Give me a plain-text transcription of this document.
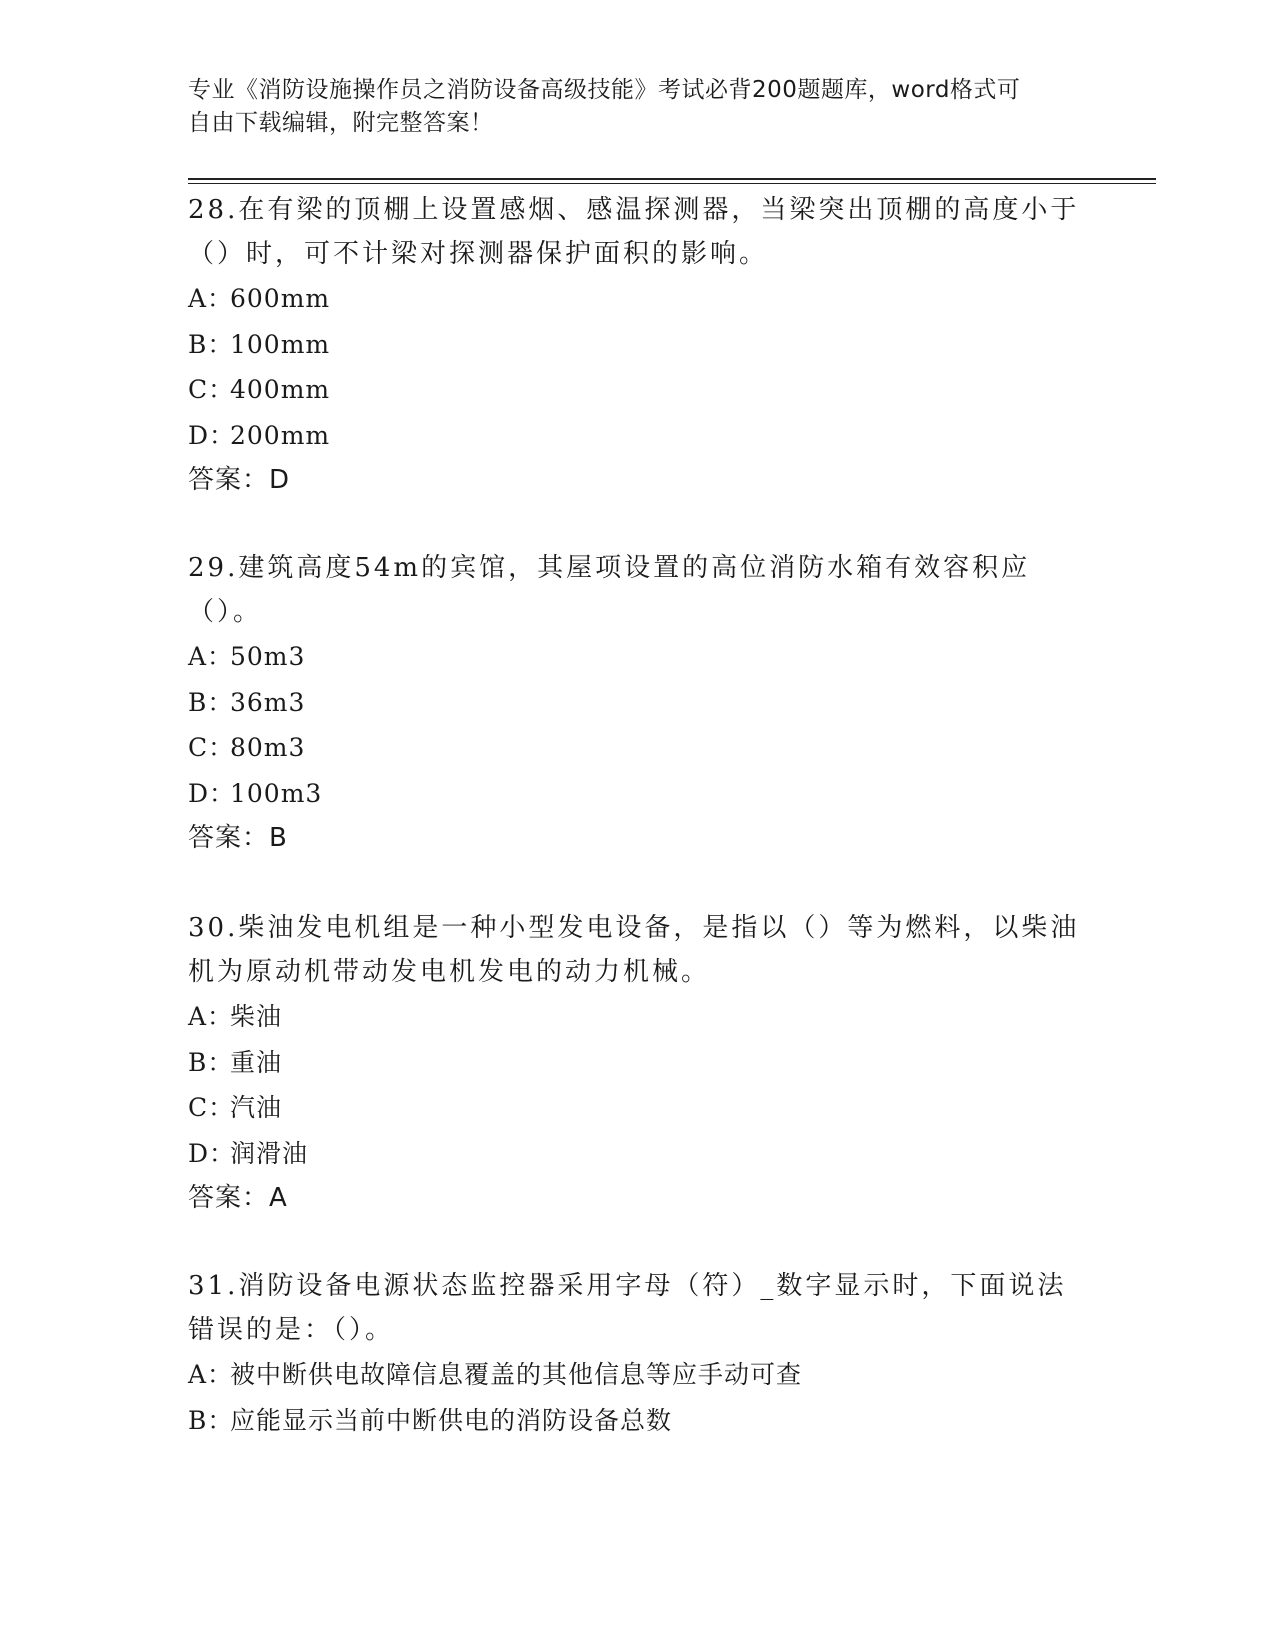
专业《消防设施操作员之消防设备高级技能》考试必背200题题库，word格式可
自由下载编辑，附完整答案！

28.在有梁的顶棚上设置感烟、感温探测器，当梁突出顶棚的高度小于（）时，可不计梁对探测器保护面积的影响。

A：600mm

B：100mm

C：400mm

D：200mm

答案：D

29.建筑高度54m的宾馆，其屋项设置的高位消防水箱有效容积应（）。

A：50m3

B：36m3

C：80m3

D：100m3

答案：B

30.柴油发电机组是一种小型发电设备，是指以（）等为燃料，以柴油机为原动机带动发电机发电的动力机械。

A：柴油

B：重油

C：汽油

D：润滑油

答案：A

31.消防设备电源状态监控器采用字母（符）_数字显示时，下面说法错误的是：（）。

A：被中断供电故障信息覆盖的其他信息等应手动可查

B：应能显示当前中断供电的消防设备总数
